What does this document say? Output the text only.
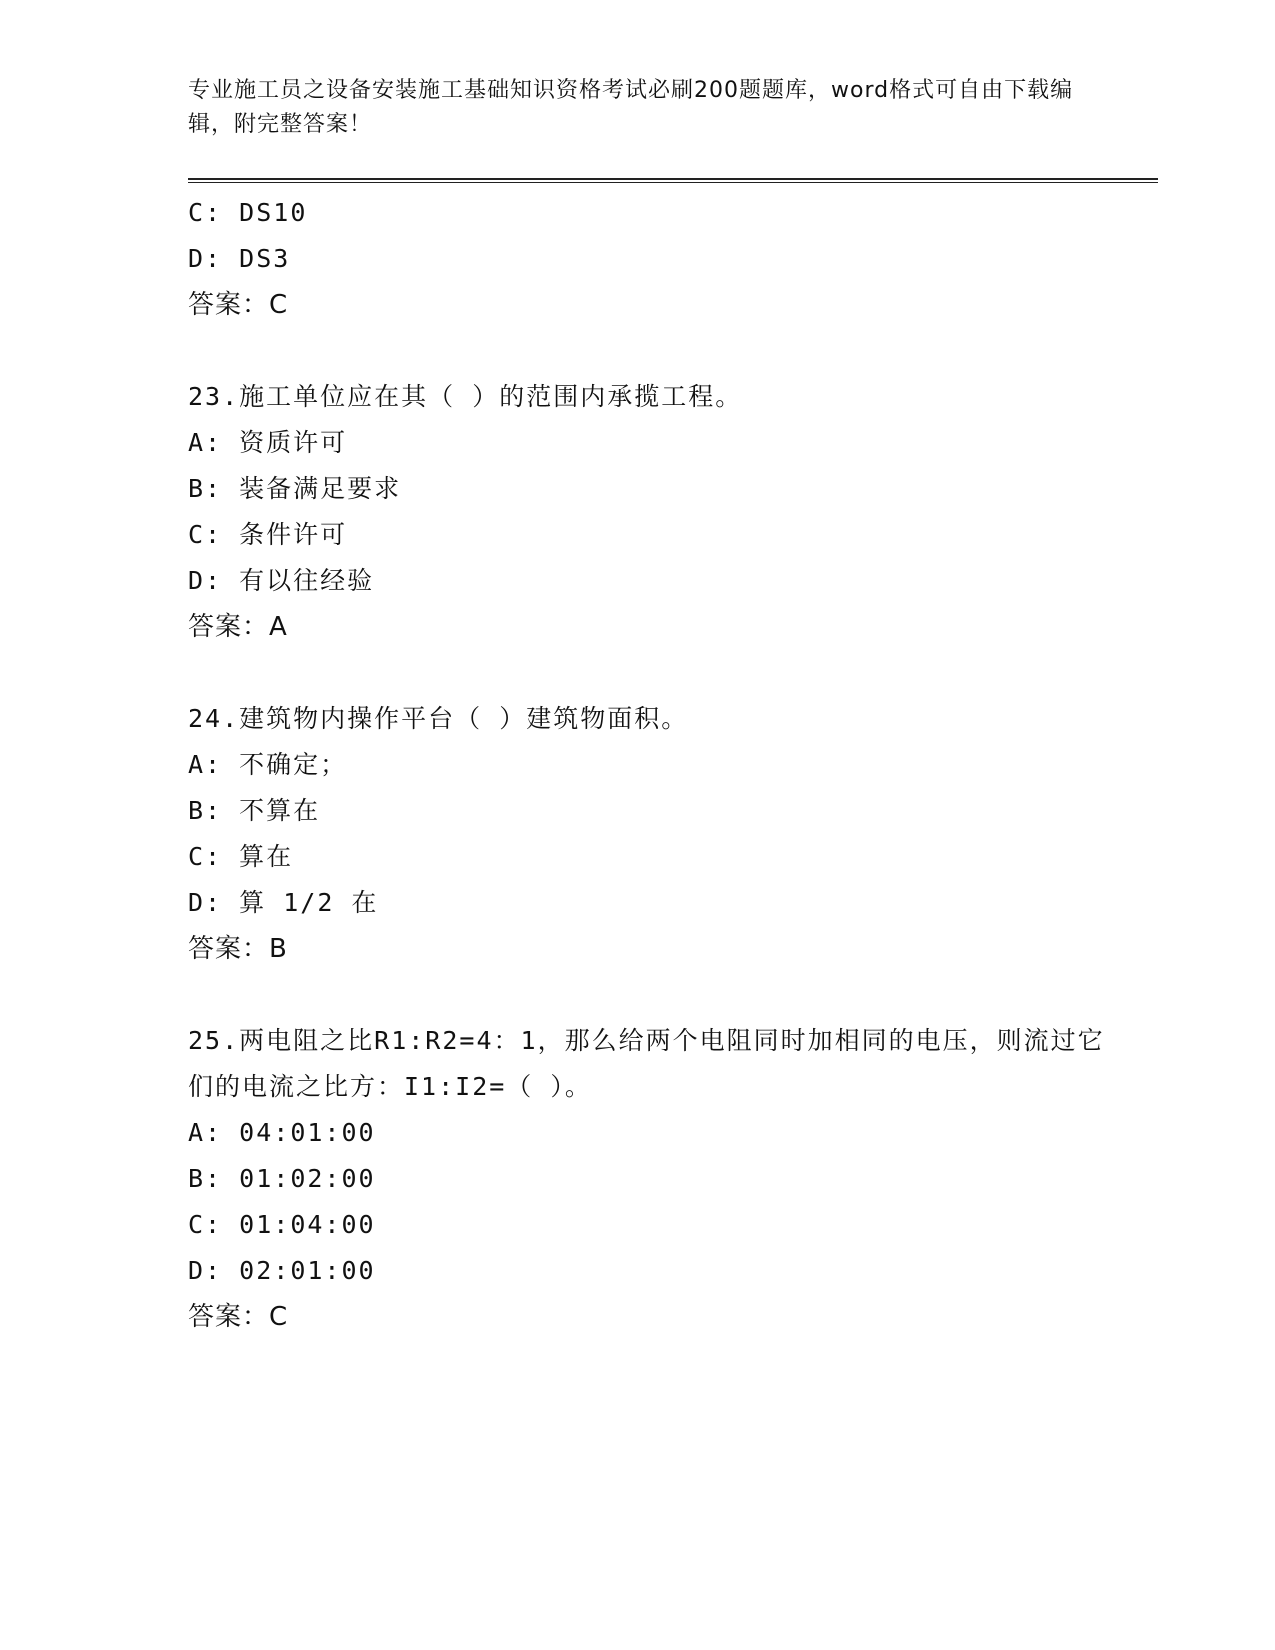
专业施工员之设备安装施工基础知识资格考试必刷200题题库，word格式可自由下载编辑，附完整答案！
C: DS10
D: DS3
答案：C
23.施工单位应在其（ ）的范围内承揽工程。
A: 资质许可
B: 装备满足要求
C: 条件许可
D: 有以往经验
答案：A
24.建筑物内操作平台（ ）建筑物面积。
A: 不确定；
B: 不算在
C: 算在
D: 算 1/2 在
答案：B
25.两电阻之比R1:R2=4：1，那么给两个电阻同时加相同的电压，则流过它们的电流之比方：I1:I2=（ ）。
A: 04:01:00
B: 01:02:00
C: 01:04:00
D: 02:01:00
答案：C
